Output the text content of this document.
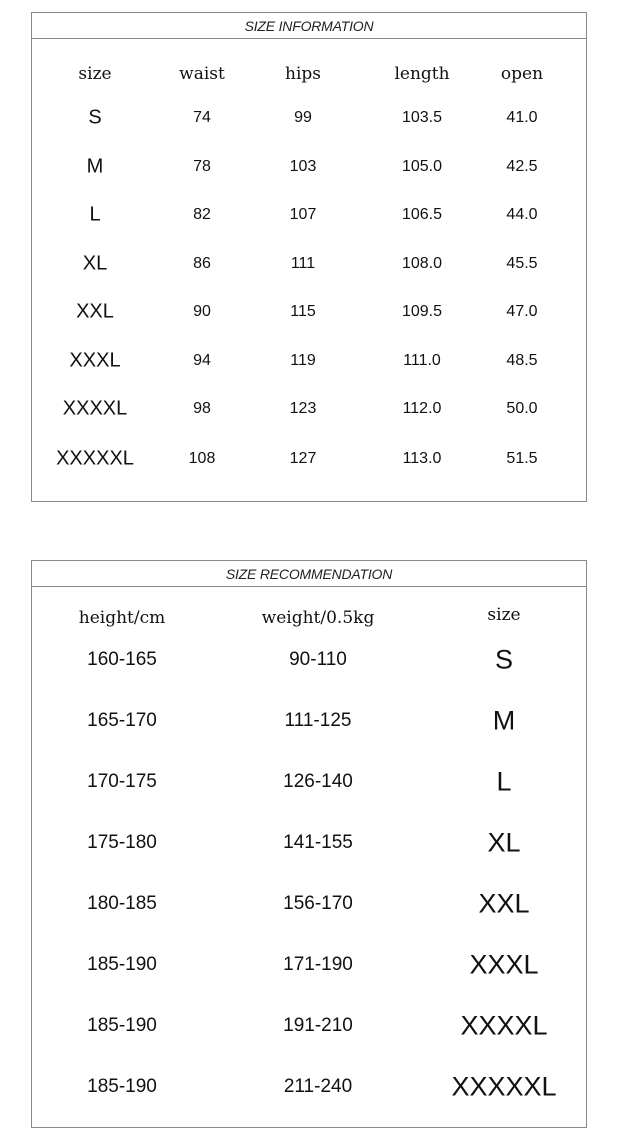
SIZE INFORMATION
size	waist	hips	length	open
S	74	99	103.5	41.0
M	78	103	105.0	42.5
L	82	107	106.5	44.0
XL	86	111	108.0	45.5
XXL	90	115	109.5	47.0
XXXL	94	119	111.0	48.5
XXXXL	98	123	112.0	50.0
XXXXXL	108	127	113.0	51.5
SIZE RECOMMENDATION
height/cm	weight/0.5kg	size
160-165	90-110	S
165-170	111-125	M
170-175	126-140	L
175-180	141-155	XL
180-185	156-170	XXL
185-190	171-190	XXXL
185-190	191-210	XXXXL
185-190	211-240	XXXXXL
